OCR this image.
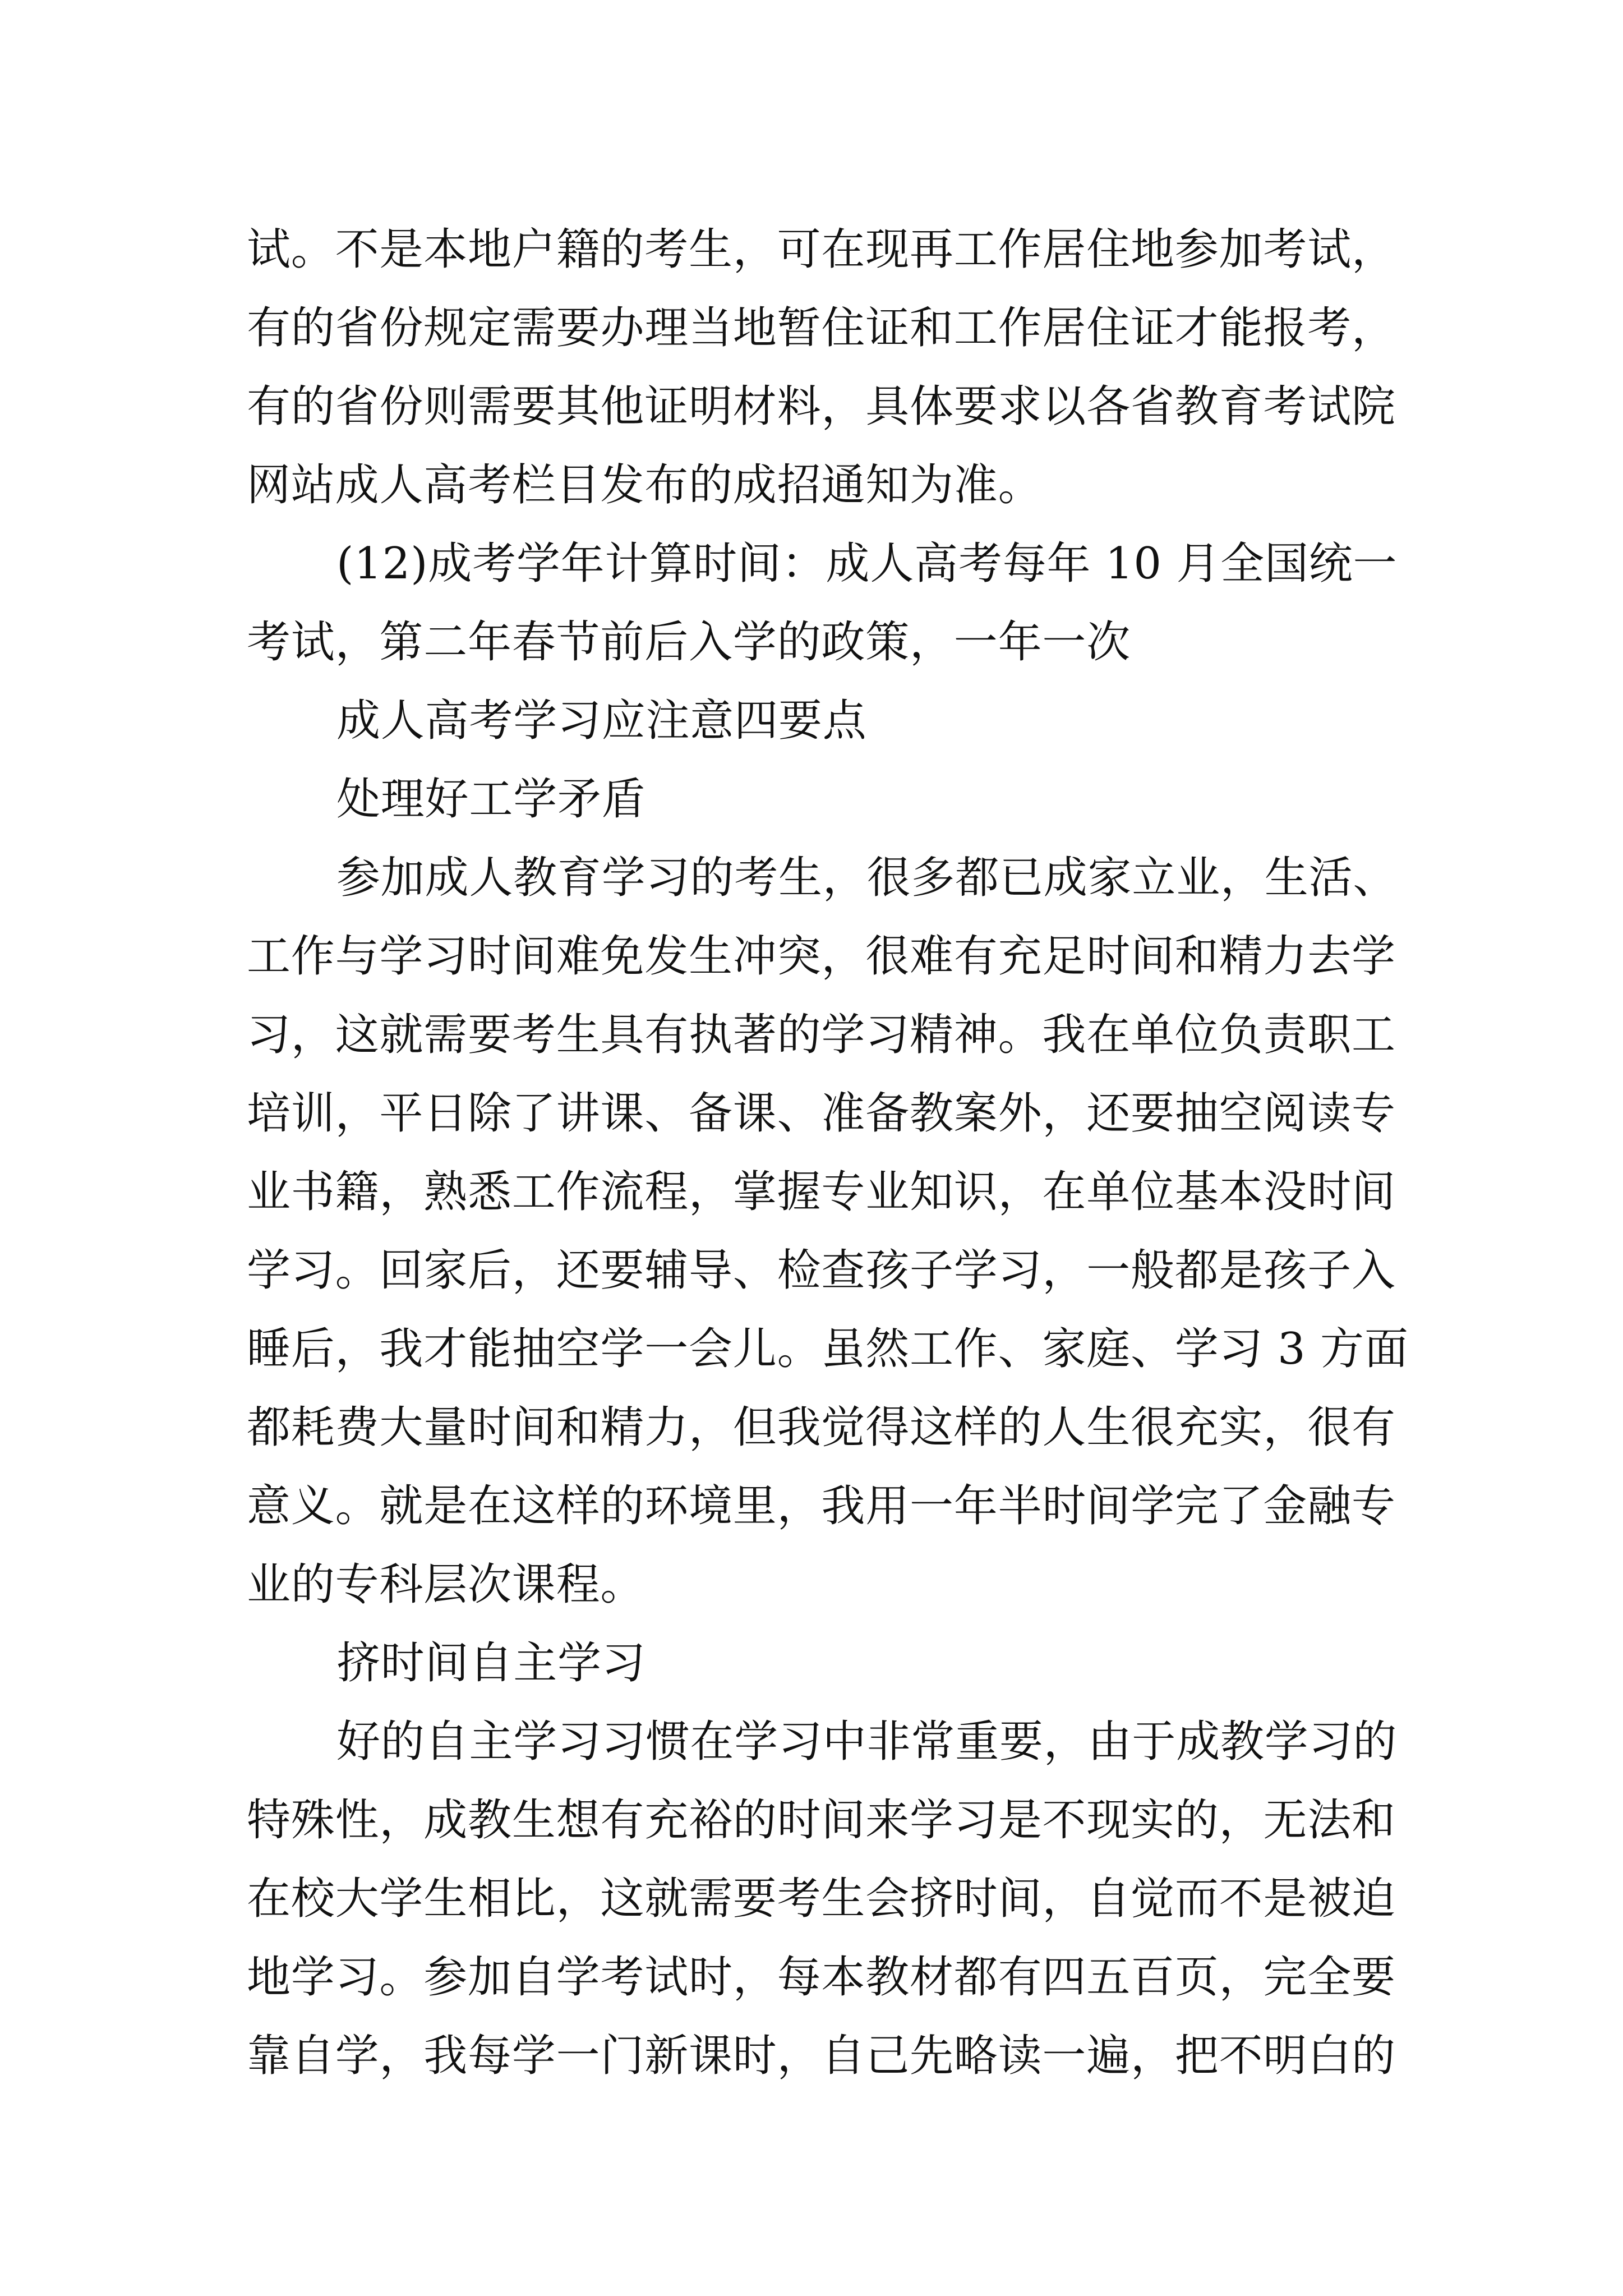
试。不是本地户籍的考生，可在现再工作居住地参加考试，
有的省份规定需要办理当地暂住证和工作居住证才能报考，
有的省份则需要其他证明材料，具体要求以各省教育考试院
网站成人高考栏目发布的成招通知为准。
(12)成考学年计算时间：成人高考每年 10 月全国统一
考试，第二年春节前后入学的政策，一年一次
成人高考学习应注意四要点
处理好工学矛盾
参加成人教育学习的考生，很多都已成家立业，生活、
工作与学习时间难免发生冲突，很难有充足时间和精力去学
习，这就需要考生具有执著的学习精神。我在单位负责职工
培训，平日除了讲课、备课、准备教案外，还要抽空阅读专
业书籍，熟悉工作流程，掌握专业知识，在单位基本没时间
学习。回家后，还要辅导、检查孩子学习，一般都是孩子入
睡后，我才能抽空学一会儿。虽然工作、家庭、学习 3 方面
都耗费大量时间和精力，但我觉得这样的人生很充实，很有
意义。就是在这样的环境里，我用一年半时间学完了金融专
业的专科层次课程。
挤时间自主学习
好的自主学习习惯在学习中非常重要，由于成教学习的
特殊性，成教生想有充裕的时间来学习是不现实的，无法和
在校大学生相比，这就需要考生会挤时间，自觉而不是被迫
地学习。参加自学考试时，每本教材都有四五百页，完全要
靠自学，我每学一门新课时，自己先略读一遍，把不明白的
